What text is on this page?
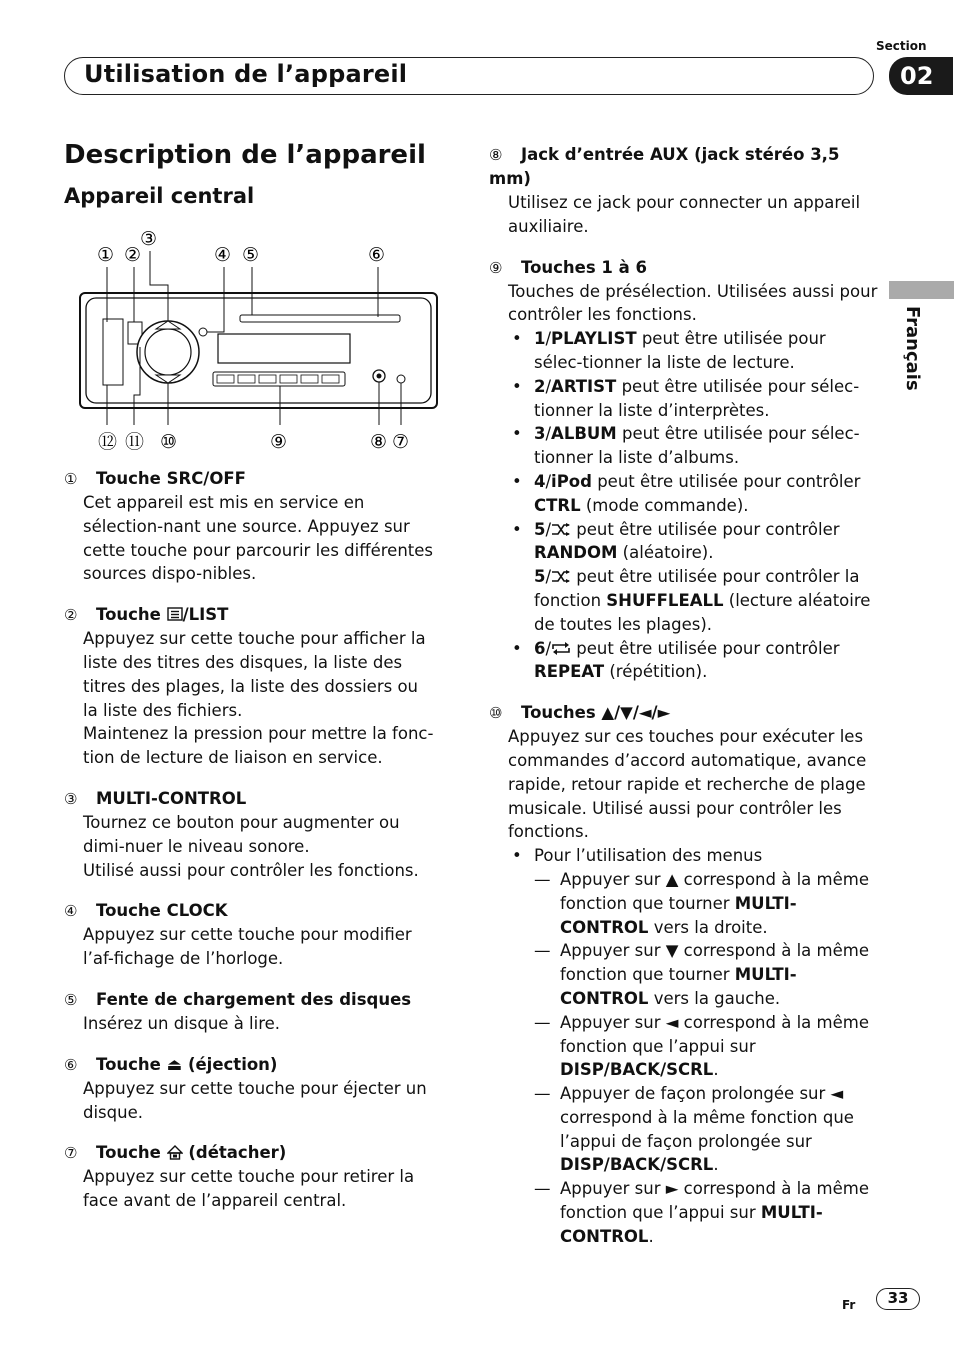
Utilisation de l’appareil
Section
02
Français
Description de l’appareil
Appareil central
① ②
③
④ ⑤	⑥
⑫ ⑪ ⑩	⑨	⑧ ⑦
① Touche SRC/OFF

Cet appareil est mis en service en sélection-nant une source. Appuyez sur cette touche pour parcourir les différentes sources dispo-nibles.

② Touche /LIST

Appuyez sur cette touche pour afficher la liste des titres des disques, la liste des titres des plages, la liste des dossiers ou la liste des fichiers.

Maintenez la pression pour mettre la fonc-tion de lecture de liaison en service.

③ MULTI-CONTROL

Tournez ce bouton pour augmenter ou dimi-nuer le niveau sonore.

Utilisé aussi pour contrôler les fonctions.

④ Touche CLOCK

Appuyez sur cette touche pour modifier l’af-fichage de l’horloge.

⑤ Fente de chargement des disques

Insérez un disque à lire.

⑥ Touche ⏏ (éjection)

Appuyez sur cette touche pour éjecter un disque.

⑦ Touche  (détacher)

Appuyez sur cette touche pour retirer la face avant de l’appareil central.

⑧ Jack d’entrée AUX (jack stéréo 3,5 mm)

Utilisez ce jack pour connecter un appareil auxiliaire.

⑨ Touches 1 à 6

Touches de présélection. Utilisées aussi pour contrôler les fonctions.

• 1/PLAYLIST peut être utilisée pour sélec-tionner la liste de lecture.
• 2/ARTIST peut être utilisée pour sélec-tionner la liste d’interprètes.
• 3/ALBUM peut être utilisée pour sélec-tionner la liste d’albums.
• 4/iPod peut être utilisée pour contrôler CTRL (mode commande).
• 5/ peut être utilisée pour contrôler RANDOM (aléatoire).
5/ peut être utilisée pour contrôler la fonction SHUFFLEALL (lecture aléatoire de toutes les plages).
• 6/ peut être utilisée pour contrôler REPEAT (répétition).
⑩ Touches ▲/▼/◄/►

Appuyez sur ces touches pour exécuter les commandes d’accord automatique, avance rapide, retour rapide et recherche de plage musicale. Utilisé aussi pour contrôler les fonctions.

• Pour l’utilisation des menus
— Appuyer sur ▲ correspond à la même fonction que tourner MULTI-CONTROL vers la droite.
— Appuyer sur ▼ correspond à la même fonction que tourner MULTI-CONTROL vers la gauche.
— Appuyer sur ◄ correspond à la même fonction que l’appui sur DISP/BACK/SCRL.
— Appuyer de façon prolongée sur ◄ correspond à la même fonction que l’appui de façon prolongée sur DISP/BACK/SCRL.
— Appuyer sur ► correspond à la même fonction que l’appui sur MULTI-CONTROL.
Fr	33
